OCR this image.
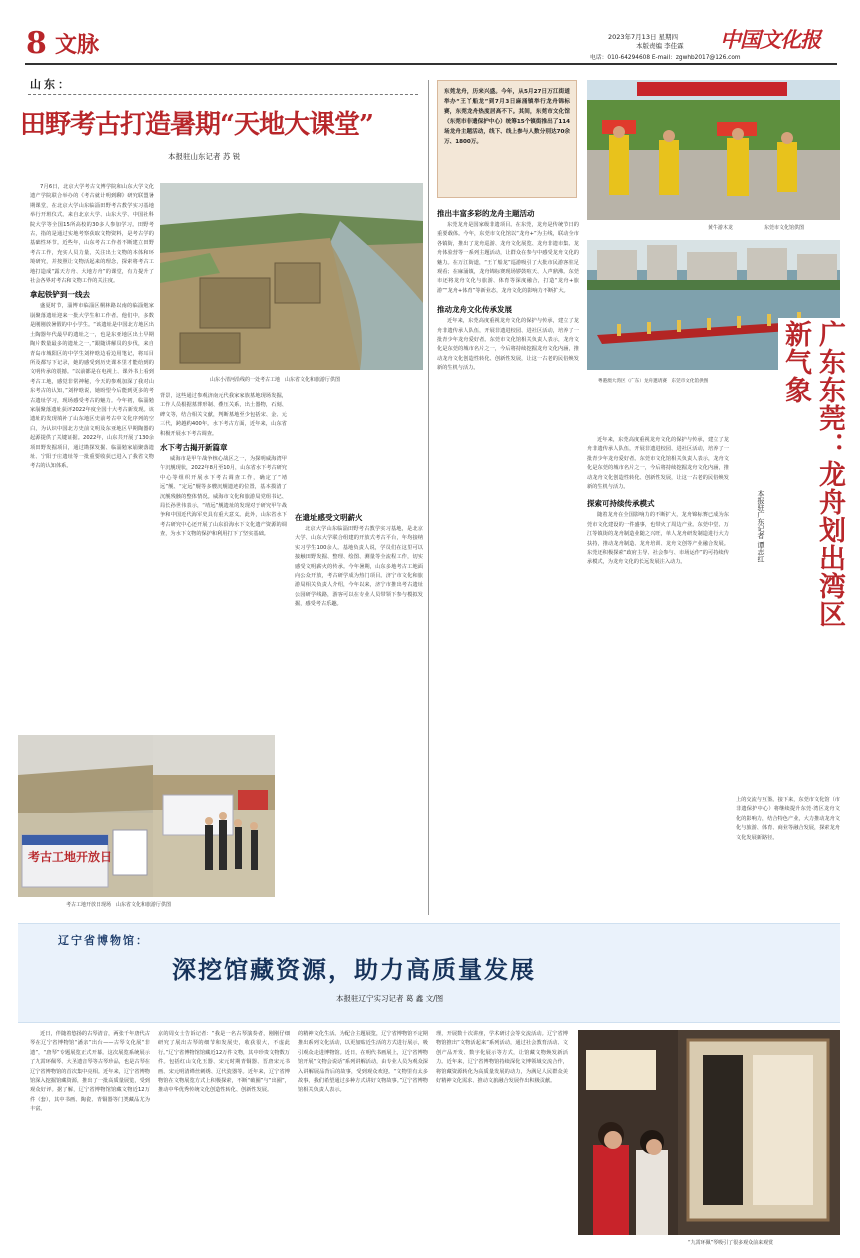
8 文脉	2023年7月13日 星期四
本版责编 李佳霖 中国文化报
电话：010-64294608 E-mail：zgwhb2017@126.com
山东：
田野考古打造暑期“天地大课堂”
本报驻山东记者 苏 锐

7月6日，北京大学考古文博学院和山东大学文化遗产学院联合举办的《考古就计明到聊》研究联盟暑期课堂，在北京大学山东临淄田野考古教学实习基地举行开班仪式。来自北京大学、山东大学、中国社科院大学等全国15所高校的30多人参加学习。田野考古，指的是通过实地考察获取文物资料，是考古学的基础性环节。近些年，山东考古工作者不断建立田野考古工作，充实人员力量，关注出土文物的本体和环境研究，并按照让文物活起来的理念，探索将考古工地打造成“露天方舟、大地方舟”的课堂，有力提升了社会各界对考古和文物工作的关注度。

拿起铁铲到一线去

盛夏时节，淄博市临淄区桐林路以南的临淄勉家崩聚落遗址迎来一批大学生和工作者。他们中，多数是刚刚放暑假的中小学生。“该遗址是中国北方地区出土陶器年代最早的遗址之一，也是东亚地区出土早期陶片数量最多的遗址之一，”跟随讲解员的步伐，来自青岛市城阳区的中学生刘梓晗边看边用笔记，将耳目所及都写下记录，她的感受到历史课本里才能给到的文明传承的震撼。“以前都是在电视上、课外书上看到考古工地，感觉非常神秘，今天的参观加深了我对山东考古的认知，”刘梓晗说，她盼望今后能到更多的考古遗址学习，现场感受考古的魅力。今年初，临淄勉家崩聚落遗址获评2022年度全国十大考古新发现。该遗址的发现填补了山东地区史前考古中文化序列的空白，为认识中国北方史前文明及东亚地区早期陶器的起源提供了关键证据。2022年，山东共开展了130余项田野发掘项目，通过勘探发掘、临淄勉家崩聚落遗址、宁阳于庄遗址等一批重要收获已进入了我省文物考古的认知体系。

山东小清河沿线的一处考古工地　山东省文化和旅游厅供图

背景，这些通过参观济南元代我家家族墓地现场发掘，工作人员根据墓葬形制、叠压关系，出土器物，石刻、碑文等，结合相关文献，判断墓地至少包括宋、金、元三代，跨越约400年。水下考古方面，近年来，山东省积极开展水下考古调查。

水下考古揭开新篇章

威海市是甲午战争核心战区之一，为探明威海湾甲午沉舰现状，2022年8月至10月，山东省水下考古研究中心等组织开展水下考古调查工作，确定了“靖远”舰、“定远”舰等多艘沉舰遗迹的位置，基本摸清了沉舰残骸的整体情况。威海市文化和旅游局党组书记、局长孙世伟表示，“靖远”舰遗址的发现对于研究甲午战争和中国近代海军史具有重大意义。此外，山东省水下考古研究中心还开展了山东沿海水下文化遗产资源的调查，为水下文物的保护和利用打下了坚实基础。

在遗址感受文明薪火

北京大学山东临淄田野考古教学实习基地，是北京大学、山东大学联合组建的开放式考古平台，年均接纳实习学生100余人。基地负责人说，学员们在这里可以接触田野发掘、整理、绘图、测量等全流程工作，切实感受文明薪火的传承。今年暑期，山东多地考古工地面向公众开放，考古研学成为热门项目。济宁市文化和旅游局相关负责人介绍，今年以来，济宁市推出考古遗址公园研学线路，游客可以在专业人员带领下参与模拟发掘，感受考古乐趣。

考古工地开放日
考古工地开放日现场　山东省文化和旅游厅供图
东莞龙舟，历来兴盛。今年，从5月27日万江街道举办“王丫船龙”到7月3日麻涌镇举行龙舟锦标赛，东莞龙舟热度居高不下。其间，东莞市文化馆（东莞市非遗保护中心）统筹15个镇街推出了114场龙舟主题活动，线下、线上参与人数分别达70余万、1800万。
推出丰富多彩的龙舟主题活动

东莞龙舟是国家级非遗项目。在东莞，龙舟是传统节日的重要载体。今年，东莞市文化馆以“龙舟+”为主线，联动全市各镇街，推出了龙舟巡游、龙舟文化展览、龙舟非遗市集、龙舟体验营等一系列主题活动，让群众在参与中感受龙舟文化的魅力。在万江街道，“王丫船龙”巡游吸引了大批市民游客驻足观看；在麻涌镇，龙舟锦标赛现场锣鼓喧天、人声鼎沸。东莞市还将龙舟文化与旅游、体育等深度融合，打造“龙舟+旅游”“龙舟+体育”等新业态，龙舟文化的影响力不断扩大。

推动龙舟文化传承发展

近年来，东莞高度重视龙舟文化的保护与传承，建立了龙舟非遗传承人队伍，开展非遗进校园、进社区活动，培养了一批青少年龙舟爱好者。东莞市文化馆相关负责人表示，龙舟文化是东莞的城市名片之一，今后将持续挖掘龙舟文化内涵，推动龙舟文化创造性转化、创新性发展，让这一古老的民俗焕发新的生机与活力。

黄牛游木龙	东莞市文化馆供图
粤港澳大湾区（广东）龙舟邀请赛　东莞市文化馆供图	广东东莞：龙舟划出湾区新气象
本报驻广东记者 谭志红

近年来，东莞高度重视龙舟文化的保护与传承，建立了龙舟非遗传承人队伍，开展非遗进校园、进社区活动，培养了一批青少年龙舟爱好者。东莞市文化馆相关负责人表示，龙舟文化是东莞的城市名片之一，今后将持续挖掘龙舟文化内涵，推动龙舟文化创造性转化、创新性发展，让这一古老的民俗焕发新的生机与活力。

探索可持续传承模式

随着龙舟在全国影响力的不断扩大，龙舟锦标赛已成为东莞市文化建设的一件盛事，也带火了周边产业。东莞中堂、万江等镇街的龙舟制造业随之兴旺，单人龙舟研发制造进行大力扶持，推动龙舟制造、龙舟培训、龙舟文创等产业融合发展。东莞还积极探索“政府主导、社会参与、市场运作”的可持续传承模式，为龙舟文化的长远发展注入动力。

上的交流与互鉴。接下来，东莞市文化馆（市非遗保护中心）将继续提升东莞·湾区龙舟文化的影响力，结合特色产业，大力推动龙舟文化与旅游、体育、商业等融合发展，探索龙舟文化发展新路径。

辽宁省博物馆：
深挖馆藏资源，助力高质量发展
本报驻辽宁实习记者 葛 鑫 文/图

近日，伴随着悠扬的古琴清音，两张千年唐代古琴在辽宁省博物馆“潘亲”出台——古琴文化展“非遗”，“唐琴”专题展览正式开幕。这次展览系统展示了九霄环佩琴、大圣遗音琴等古琴珍品，也是古琴在辽宁省博物馆的首次集中亮相。近年来，辽宁省博物馆深入挖掘馆藏资源，推出了一批高质量展览，受到观众好评。据了解，辽宁省博物馆馆藏文物近12万件（套），其中书画、陶瓷、青铜器等门类藏品尤为丰富。

京的周女士告诉记者：“我是一名古琴演奏者，刚刚仔细研究了展出古琴的细节和发展史，收获很大，不虚此行。”辽宁省博物馆馆藏近12万件文物，其中珍贵文物数万件。包括红山文化玉器、宋元时期青铜器、晋唐宋元书画、宋元明清缂丝刺绣、辽代瓷器等。近年来，辽宁省博物馆在文物展览方式上积极探索，不断“破圈”与“出圈”，推动中华优秀传统文化创造性转化、创新性发展。

的精神文化生活。为配合主题展览，辽宁省博物馆不定期推出系列文化活动，以更加贴近生活的方式进行展示，吸引观众走进博物馆。近日，在明代书画展上，辽宁省博物馆开展“文物会说话”系列讲解活动，由专业人员为观众深入讲解展品背后的故事，受到观众欢迎。“文物里有太多故事，我们希望通过多种方式讲好文物故事。”辽宁省博物馆相关负责人表示。

理，开展数十次讲座，学术研讨会等交流活动。辽宁省博物馆推出“文物活起来”系列活动，通过社会教育活动、文创产品开发、数字化展示等方式，让馆藏文物焕发新活力。近年来，辽宁省博物馆持续深化文博领域交流合作，将馆藏资源转化为高质量发展的动力，为满足人民群众美好精神文化需求、推动文旅融合发展作出积极贡献。

“九霄环佩”琴吸引了很多观众前来观赏
